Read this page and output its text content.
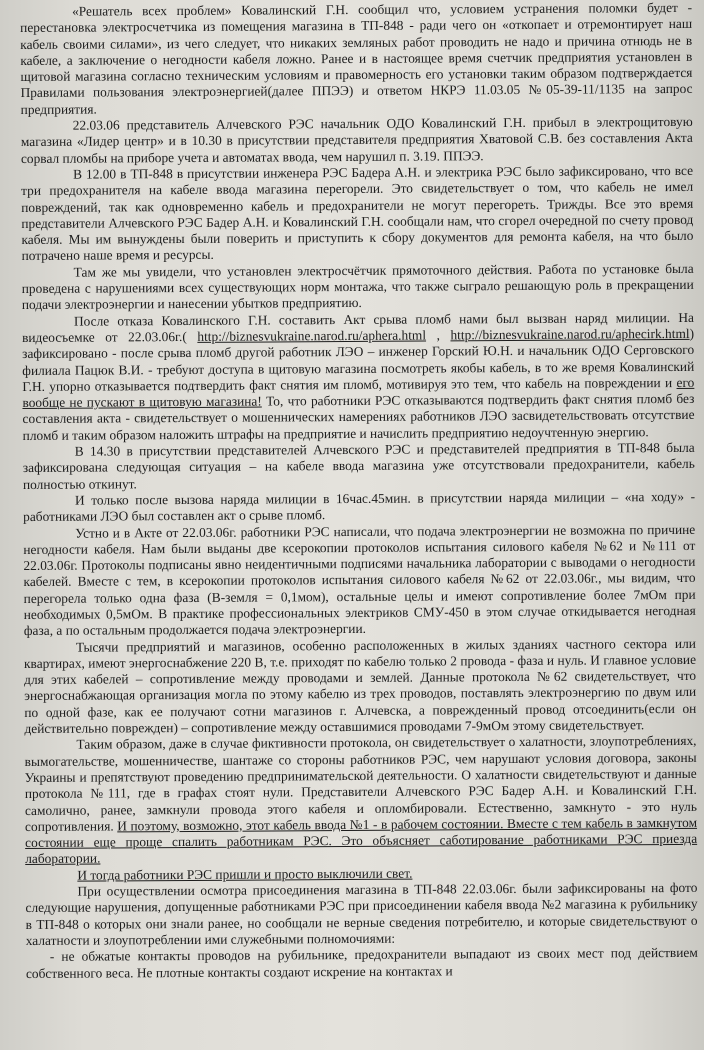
«Решатель всех проблем» Ковалинский Г.Н. сообщил что, условием устранения поломки будет - перестановка электросчетчика из помещения магазина в ТП-848 - ради чего он «откопает и отремонтирует наш кабель своими силами», из чего следует, что никаких земляных работ проводить не надо и причина отнюдь не в кабеле, а заключение о негодности кабеля ложно. Ранее и в настоящее время счетчик предприятия установлен в щитовой магазина согласно техническим условиям и правомерность его установки таким образом подтверждается Правилами пользования электроэнергией(далее ППЭЭ) и ответом НКРЭ 11.03.05 №05-39-11/1135 на запрос предприятия.

22.03.06 представитель Алчевского РЭС начальник ОДО Ковалинский Г.Н. прибыл в электрощитовую магазина «Лидер центр» и в 10.30 в присутствии представителя предприятия Хватовой С.В. без составления Акта сорвал пломбы на приборе учета и автоматах ввода, чем нарушил п. 3.19. ППЭЭ.

В 12.00 в ТП-848 в присутствии инженера РЭС Бадера А.Н. и электрика РЭС было зафиксировано, что все три предохранителя на кабеле ввода магазина перегорели. Это свидетельствует о том, что кабель не имел повреждений, так как одновременно кабель и предохранители не могут перегореть. Трижды. Все это время представители Алчевского РЭС Бадер А.Н. и Ковалинский Г.Н. сообщали нам, что сгорел очередной по счету провод кабеля. Мы им вынуждены были поверить и приступить к сбору документов для ремонта кабеля, на что было потрачено наше время и ресурсы.

Там же мы увидели, что установлен электросчётчик прямоточного действия. Работа по установке была проведена с нарушениями всех существующих норм монтажа, что также сыграло решающую роль в прекращении подачи электроэнергии и нанесении убытков предприятию.

После отказа Ковалинского Г.Н. составить Акт срыва пломб нами был вызван наряд милиции. На видеосъемке от 22.03.06г.( http://biznesvukraine.narod.ru/aphera.html , http://biznesvukraine.narod.ru/aphecirk.html) зафиксировано - после срыва пломб другой работник ЛЭО – инженер Горский Ю.Н. и начальник ОДО Серговского филиала Пацюк В.И. - требуют доступа в щитовую магазина посмотреть якобы кабель, в то же время Ковалинский Г.Н. упорно отказывается подтвердить факт снятия им пломб, мотивируя это тем, что кабель на повреждении и его вообще не пускают в щитовую магазина! То, что работники РЭС отказываются подтвердить факт снятия пломб без составления акта - свидетельствует о мошеннических намерениях работников ЛЭО засвидетельствовать отсутствие пломб и таким образом наложить штрафы на предприятие и начислить предприятию недоучтенную энергию.

В 14.30 в присутствии представителей Алчевского РЭС и представителей предприятия в ТП-848 была зафиксирована следующая ситуация – на кабеле ввода магазина уже отсутствовали предохранители, кабель полностью откинут.

И только после вызова наряда милиции в 16час.45мин. в присутствии наряда милиции – «на ходу» - работниками ЛЭО был составлен акт о срыве пломб.

Устно и в Акте от 22.03.06г. работники РЭС написали, что подача электроэнергии не возможна по причине негодности кабеля. Нам были выданы две ксерокопии протоколов испытания силового кабеля №62 и №111 от 22.03.06г. Протоколы подписаны явно неидентичными подписями начальника лаборатории с выводами о негодности кабелей. Вместе с тем, в ксерокопии протоколов испытания силового кабеля №62 от 22.03.06г., мы видим, что перегорела только одна фаза (В-земля = 0,1мом), остальные целы и имеют сопротивление более 7мОм при необходимых 0,5мОм. В практике профессиональных электриков СМУ-450 в этом случае откидывается негодная фаза, а по остальным продолжается подача электроэнергии.

Тысячи предприятий и магазинов, особенно расположенных в жилых зданиях частного сектора или квартирах, имеют энергоснабжение 220 В, т.е. приходят по кабелю только 2 провода - фаза и нуль. И главное условие для этих кабелей – сопротивление между проводами и землей. Данные протокола №62 свидетельствует, что энергоснабжающая организация могла по этому кабелю из трех проводов, поставлять электроэнергию по двум или по одной фазе, как ее получают сотни магазинов г. Алчевска, а поврежденный провод отсоединить(если он действительно поврежден) – сопротивление между оставшимися проводами 7-9мОм этому свидетельствует.

Таким образом, даже в случае фиктивности протокола, он свидетельствует о халатности, злоупотреблениях, вымогательстве, мошенничестве, шантаже со стороны работников РЭС, чем нарушают условия договора, законы Украины и препятствуют проведению предпринимательской деятельности. О халатности свидетельствуют и данные протокола №111, где в графах стоят нули. Представители Алчевского РЭС Бадер А.Н. и Ковалинский Г.Н. самолично, ранее, замкнули провода этого кабеля и опломбировали. Естественно, замкнуто - это нуль сопротивления. И поэтому, возможно, этот кабель ввода №1 - в рабочем состоянии. Вместе с тем кабель в замкнутом состоянии еще проще спалить работникам РЭС. Это объясняет саботирование работниками РЭС приезда лаборатории.

И тогда работники РЭС пришли и просто выключили свет.

При осуществлении осмотра присоединения магазина в ТП-848 22.03.06г. были зафиксированы на фото следующие нарушения, допущенные работниками РЭС при присоединении кабеля ввода №2 магазина к рубильнику в ТП-848 о которых они знали ранее, но сообщали не верные сведения потребителю, и которые свидетельствуют о халатности и злоупотреблении ими служебными полномочиями:

- не обжатые контакты проводов на рубильнике, предохранители выпадают из своих мест под действием собственного веса. Не плотные контакты создают искрение на контактах и
